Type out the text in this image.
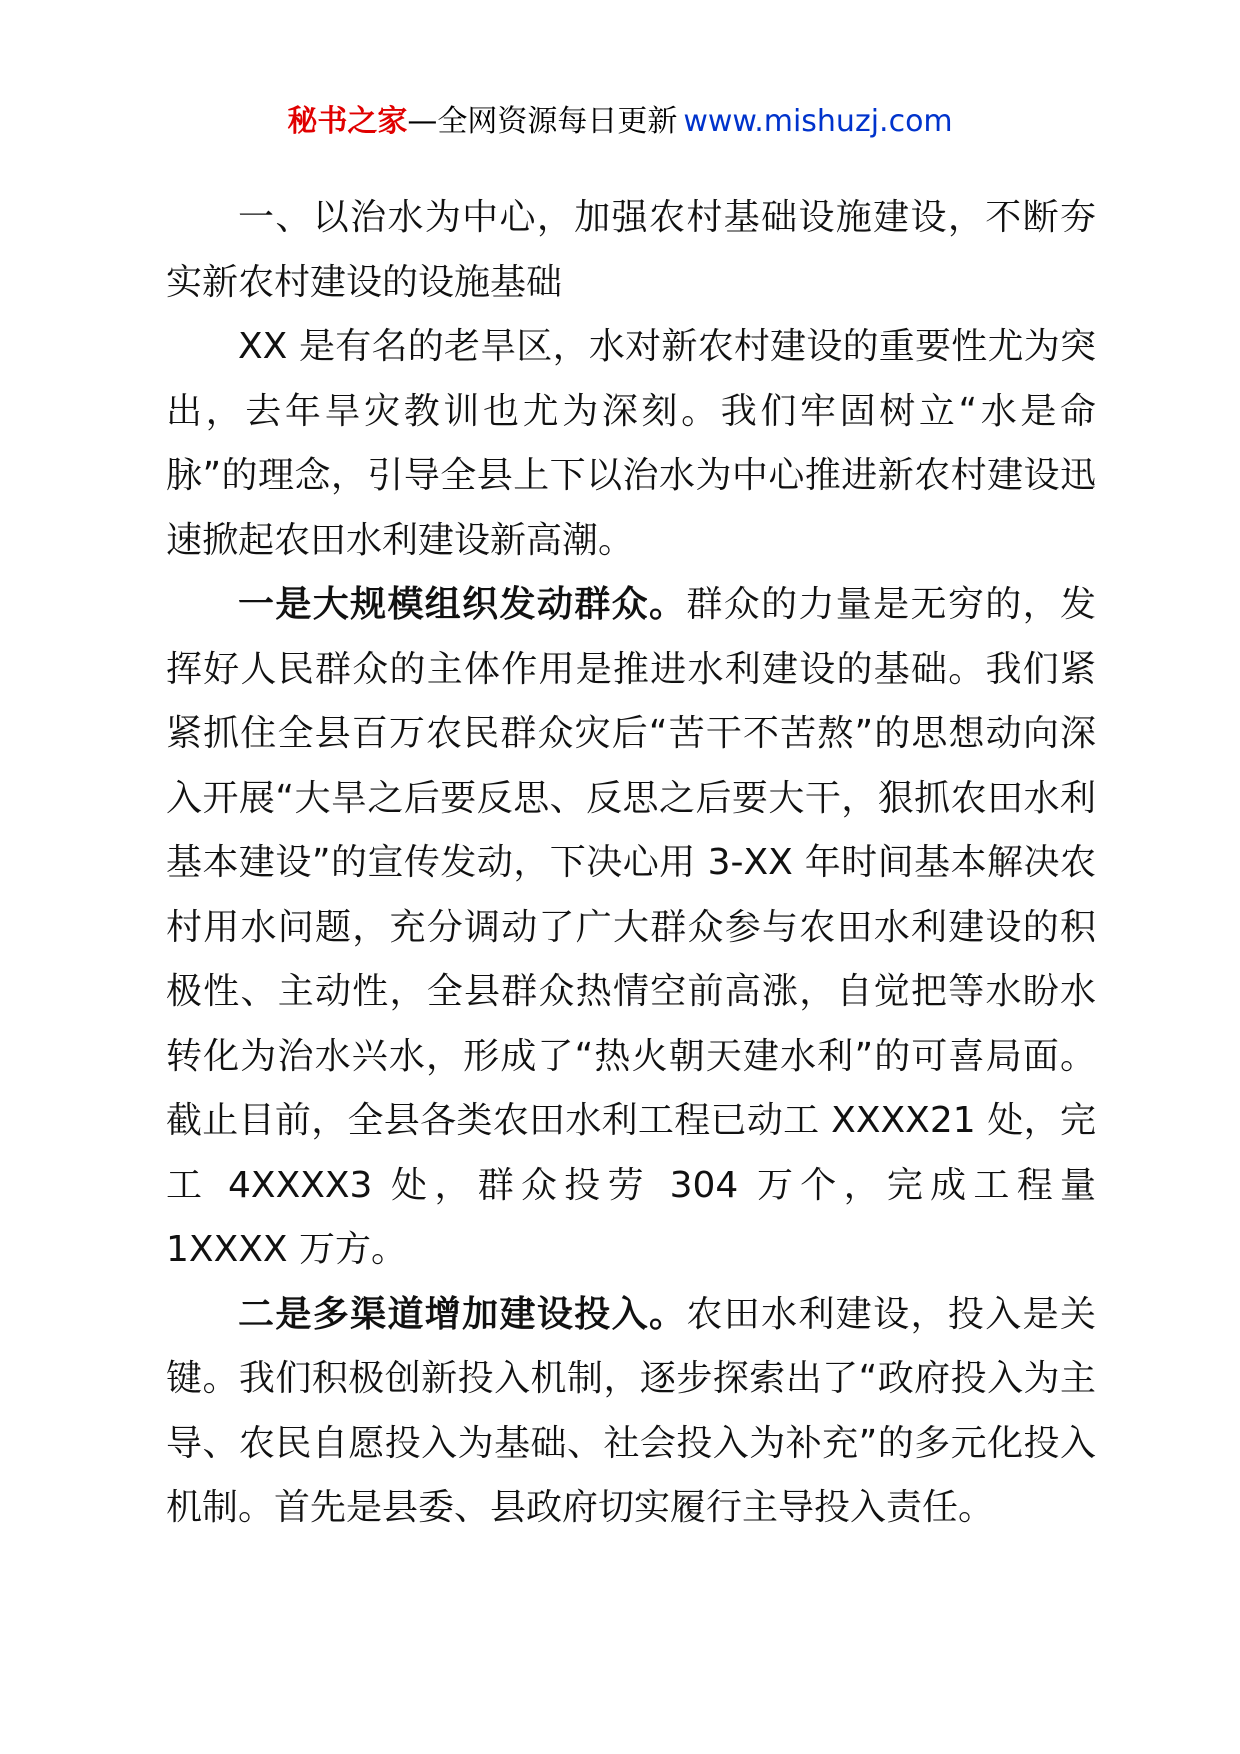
秘书之家—全网资源每日更新 www.mishuzj.com

一、以治水为中心，加强农村基础设施建设，不断夯实新农村建设的设施基础

XX 是有名的老旱区，水对新农村建设的重要性尤为突出，去年旱灾教训也尤为深刻。我们牢固树立“水是命脉”的理念，引导全县上下以治水为中心推进新农村建设迅速掀起农田水利建设新高潮。

一是大规模组织发动群众。群众的力量是无穷的，发挥好人民群众的主体作用是推进水利建设的基础。我们紧紧抓住全县百万农民群众灾后“苦干不苦熬”的思想动向深入开展“大旱之后要反思、反思之后要大干，狠抓农田水利基本建设”的宣传发动，下决心用 3-XX 年时间基本解决农村用水问题，充分调动了广大群众参与农田水利建设的积极性、主动性，全县群众热情空前高涨，自觉把等水盼水转化为治水兴水，形成了“热火朝天建水利”的可喜局面。截止目前，全县各类农田水利工程已动工 XXXX21 处，完工 4XXXX3 处，群众投劳 304 万个，完成工程量 1XXXX 万方。

二是多渠道增加建设投入。农田水利建设，投入是关键。我们积极创新投入机制，逐步探索出了“政府投入为主导、农民自愿投入为基础、社会投入为补充”的多元化投入机制。首先是县委、县政府切实履行主导投入责任。
